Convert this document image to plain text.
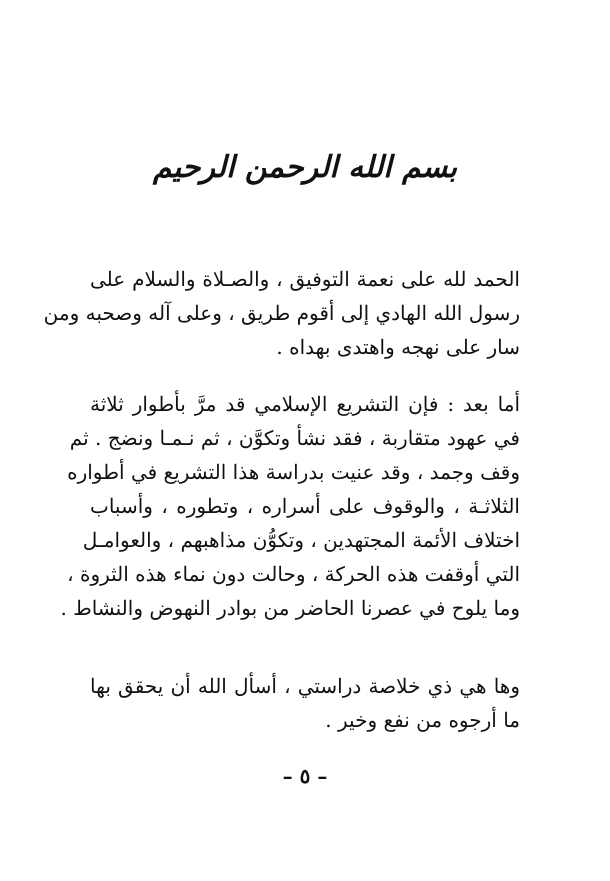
بسم الله الرحمن الرحيم
الحمد لله على نعمة التوفيق ، والصـلاة والسلام على
رسول الله الهادي إلى أقوم طريق ، وعلى آله وصحبه ومن
سار على نهجه واهتدى بهداه .
أما بعد : فإن التشريع الإسلامي قد مرَّ بأطوار ثلاثة
في عهود متقاربة ، فقد نشأ وتكوَّن ، ثم نـمـا ونضج . ثم
وقف وجمد ، وقد عنيت بدراسة هذا التشريع في أطواره
الثلاثـة ، والوقوف على أسراره ، وتطوره ، وأسباب
اختلاف الأئمة المجتهدين ، وتكوُّن مذاهبهم ، والعوامـل
التي أوقفت هذه الحركة ، وحالت دون نماء هذه الثروة ،
وما يلوح في عصرنا الحاضر من بوادر النهوض والنشاط .
وها هي ذي خلاصة دراستي ، أسأل الله أن يحقق بها
ما أرجوه من نفع وخير .
– ٥ –
